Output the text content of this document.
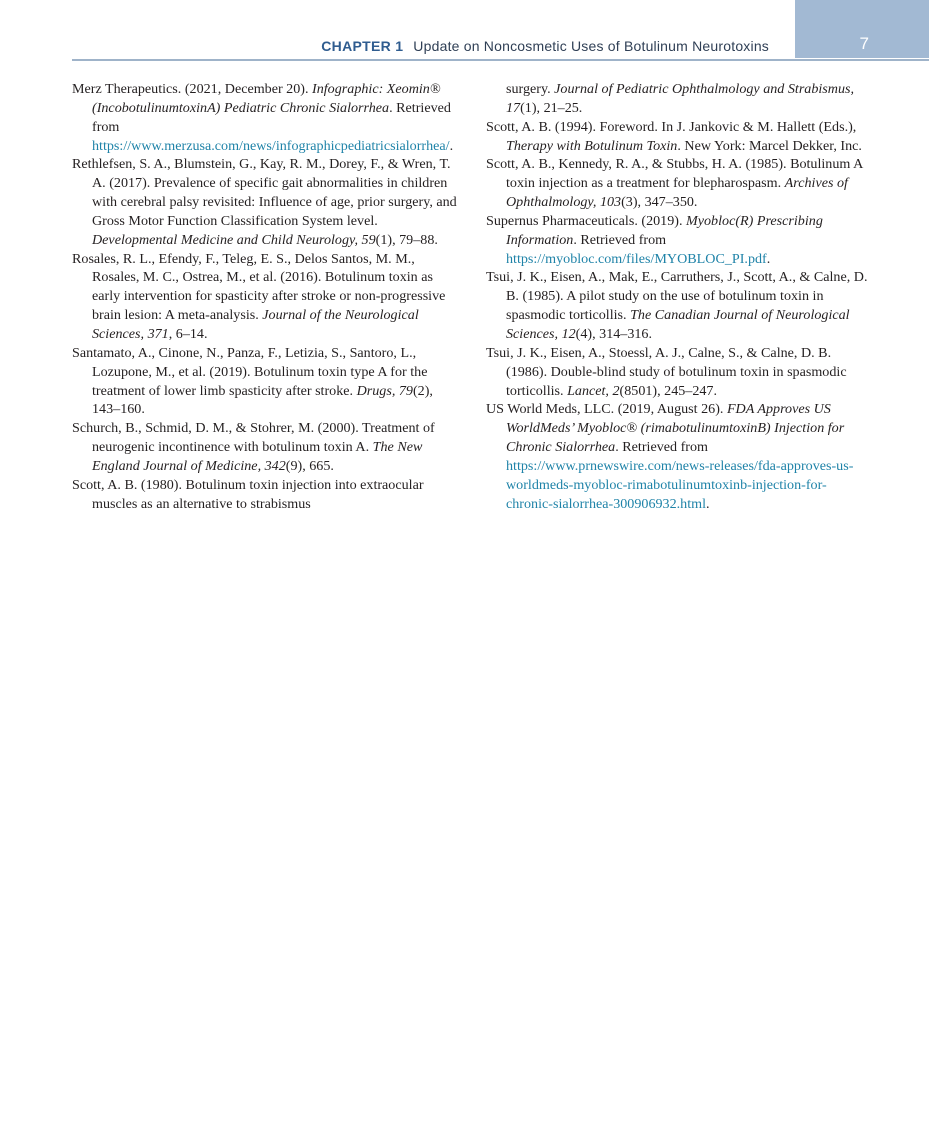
CHAPTER 1 Update on Noncosmetic Uses of Botulinum Neurotoxins	7

Merz Therapeutics. (2021, December 20). Infographic: Xeomin® (IncobotulinumtoxinA) Pediatric Chronic Sialorrhea. Retrieved from https://www.merzusa.com/news/infographicpediatricsialorrhea/.

Rethlefsen, S. A., Blumstein, G., Kay, R. M., Dorey, F., & Wren, T. A. (2017). Prevalence of specific gait abnormalities in children with cerebral palsy revisited: Influence of age, prior surgery, and Gross Motor Function Classification System level. Developmental Medicine and Child Neurology, 59(1), 79–88.

Rosales, R. L., Efendy, F., Teleg, E. S., Delos Santos, M. M., Rosales, M. C., Ostrea, M., et al. (2016). Botulinum toxin as early intervention for spasticity after stroke or non-progressive brain lesion: A meta-analysis. Journal of the Neurological Sciences, 371, 6–14.

Santamato, A., Cinone, N., Panza, F., Letizia, S., Santoro, L., Lozupone, M., et al. (2019). Botulinum toxin type A for the treatment of lower limb spasticity after stroke. Drugs, 79(2), 143–160.

Schurch, B., Schmid, D. M., & Stohrer, M. (2000). Treatment of neurogenic incontinence with botulinum toxin A. The New England Journal of Medicine, 342(9), 665.

Scott, A. B. (1980). Botulinum toxin injection into extraocular muscles as an alternative to strabismus

surgery. Journal of Pediatric Ophthalmology and Strabismus, 17(1), 21–25.

Scott, A. B. (1994). Foreword. In J. Jankovic & M. Hallett (Eds.), Therapy with Botulinum Toxin. New York: Marcel Dekker, Inc.

Scott, A. B., Kennedy, R. A., & Stubbs, H. A. (1985). Botulinum A toxin injection as a treatment for blepharospasm. Archives of Ophthalmology, 103(3), 347–350.

Supernus Pharmaceuticals. (2019). Myobloc(R) Prescribing Information. Retrieved from https://myobloc.com/files/MYOBLOC_PI.pdf.

Tsui, J. K., Eisen, A., Mak, E., Carruthers, J., Scott, A., & Calne, D. B. (1985). A pilot study on the use of botulinum toxin in spasmodic torticollis. The Canadian Journal of Neurological Sciences, 12(4), 314–316.

Tsui, J. K., Eisen, A., Stoessl, A. J., Calne, S., & Calne, D. B. (1986). Double-blind study of botulinum toxin in spasmodic torticollis. Lancet, 2(8501), 245–247.

US World Meds, LLC. (2019, August 26). FDA Approves US WorldMeds’ Myobloc® (rimabotulinumtoxinB) Injection for Chronic Sialorrhea. Retrieved from https://www.prnewswire.com/news-releases/fda-approves-us-worldmeds-myobloc-rimabotulinumtoxinb-injection-for-chronic-sialorrhea-300906932.html.
